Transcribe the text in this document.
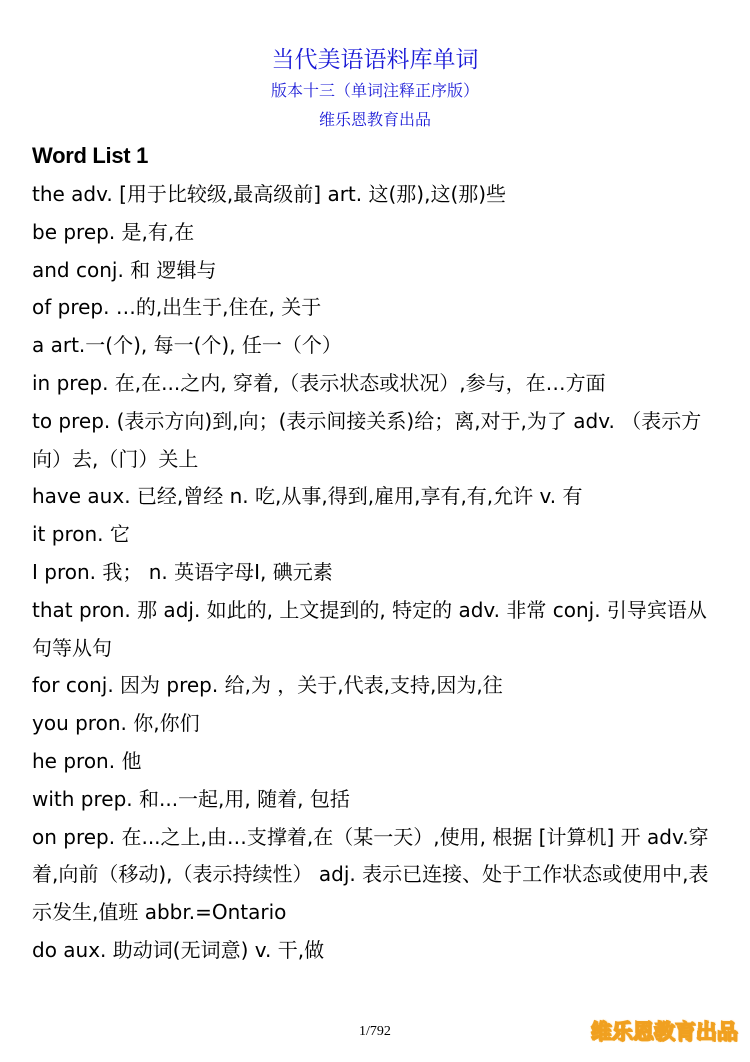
当代美语语料库单词
版本十三（单词注释正序版）
维乐恩教育出品
Word List 1
the adv. [用于比较级,最高级前] art. 这(那),这(那)些
be prep. 是,有,在
and conj. 和 逻辑与
of prep. …的,出生于,住在, 关于
a art.一(个), 每一(个), 任一（个）
in prep. 在,在...之内, 穿着,（表示状态或状况）,参与，在…方面
to prep. (表示方向)到,向；(表示间接关系)给；离,对于,为了 adv. （表示方向）去,（门）关上
have aux. 已经,曾经 n. 吃,从事,得到,雇用,享有,有,允许 v. 有
it pron. 它
I pron. 我； n. 英语字母I, 碘元素
that pron. 那 adj. 如此的, 上文提到的, 特定的 adv. 非常 conj. 引导宾语从句等从句
for conj. 因为 prep. 给,为 ，关于,代表,支持,因为,往
you pron. 你,你们
he pron. 他
with prep. 和...一起,用, 随着, 包括
on prep. 在...之上,由…支撑着,在（某一天）,使用, 根据 [计算机] 开 adv.穿着,向前（移动),（表示持续性） adj. 表示已连接、处于工作状态或使用中,表示发生,值班 abbr.=Ontario
do aux. 助动词(无词意) v. 干,做
1/792	维乐恩教育出品
